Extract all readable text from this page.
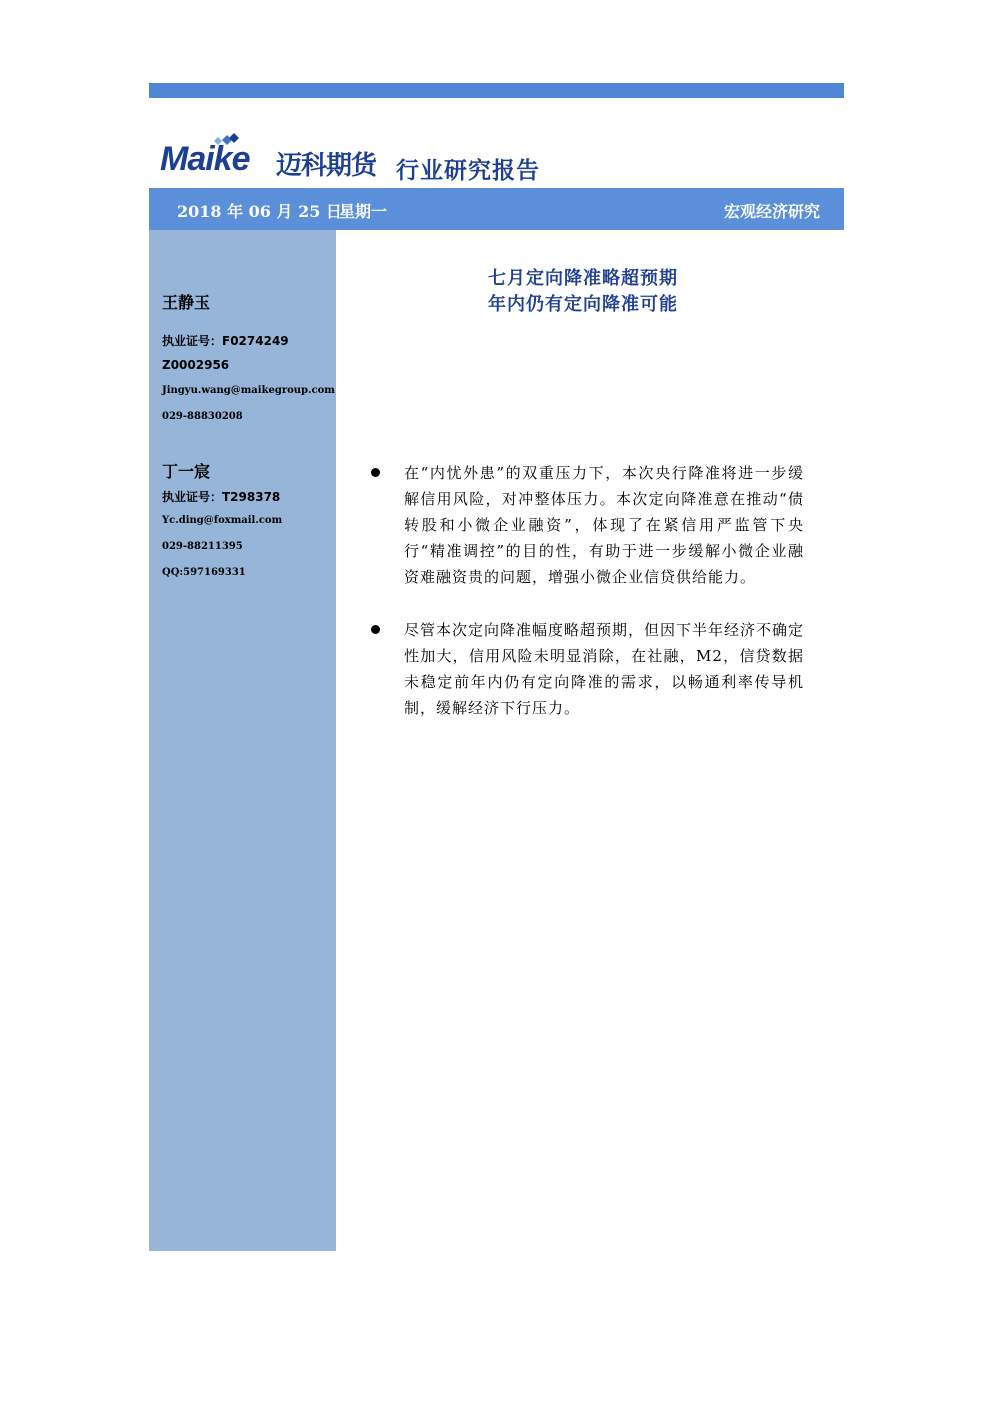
Maike 迈科期货 行业研究报告
2018 年 06 月 25 日
星期一	宏观经济研究
王静玉
执业证号：F0274249
Z0002956
Jingyu.wang@maikegroup.com
029-88830208
丁一宸
执业证号：T298378
Yc.ding@foxmail.com
029-88211395
QQ:597169331
七月定向降准略超预期
年内仍有定向降准可能
在“内忧外患”的双重压力下，本次央行降准将进一步缓解信用风险，对冲整体压力。本次定向降准意在推动“债转股和小微企业融资”，体现了在紧信用严监管下央行“精准调控”的目的性，有助于进一步缓解小微企业融资难融资贵的问题，增强小微企业信贷供给能力。
尽管本次定向降准幅度略超预期，但因下半年经济不确定性加大，信用风险未明显消除，在社融，M2，信贷数据未稳定前年内仍有定向降准的需求，以畅通利率传导机制，缓解经济下行压力。
